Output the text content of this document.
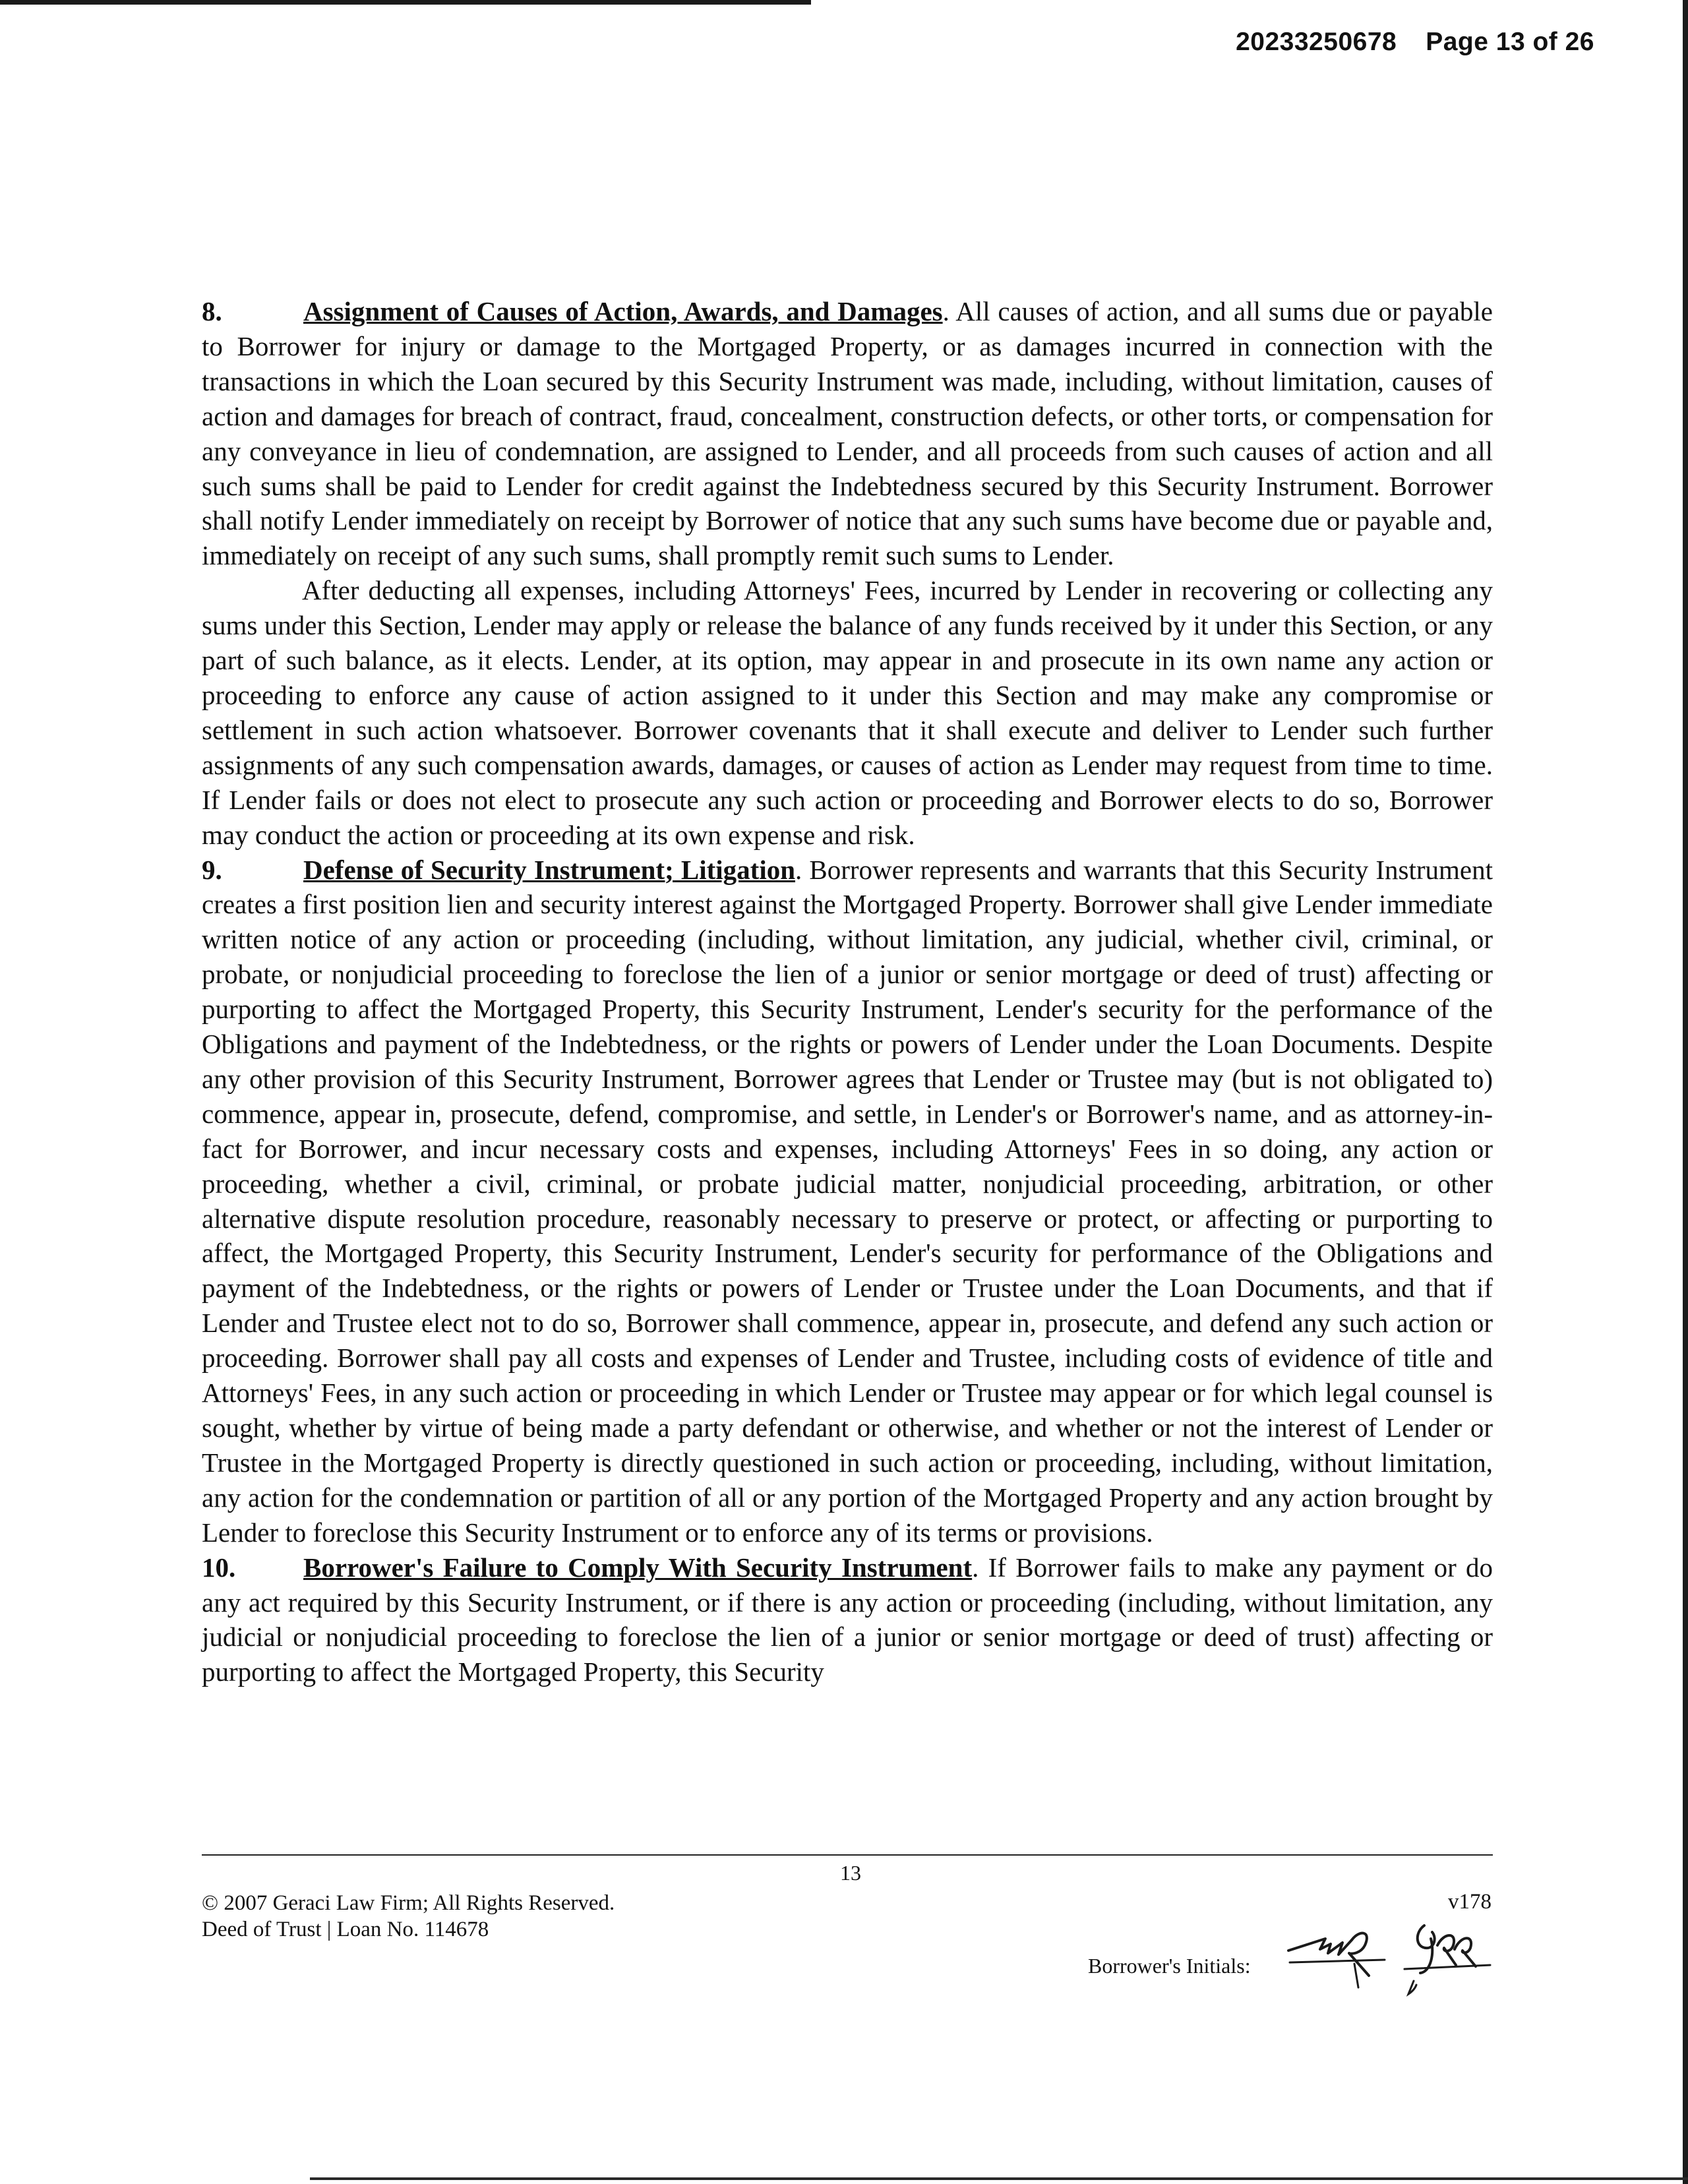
20233250678 Page 13 of 26

8.	Assignment of Causes of Action, Awards, and Damages. All causes of action, and all sums due or payable to Borrower for injury or damage to the Mortgaged Property, or as damages incurred in connection with the transactions in which the Loan secured by this Security Instrument was made, including, without limitation, causes of action and damages for breach of contract, fraud, concealment, construction defects, or other torts, or compensation for any conveyance in lieu of condemnation, are assigned to Lender, and all proceeds from such causes of action and all such sums shall be paid to Lender for credit against the Indebtedness secured by this Security Instrument. Borrower shall notify Lender immediately on receipt by Borrower of notice that any such sums have become due or payable and, immediately on receipt of any such sums, shall promptly remit such sums to Lender.

After deducting all expenses, including Attorneys' Fees, incurred by Lender in recovering or collecting any sums under this Section, Lender may apply or release the balance of any funds received by it under this Section, or any part of such balance, as it elects. Lender, at its option, may appear in and prosecute in its own name any action or proceeding to enforce any cause of action assigned to it under this Section and may make any compromise or settlement in such action whatsoever. Borrower covenants that it shall execute and deliver to Lender such further assignments of any such compensation awards, damages, or causes of action as Lender may request from time to time. If Lender fails or does not elect to prosecute any such action or proceeding and Borrower elects to do so, Borrower may conduct the action or proceeding at its own expense and risk.

9.	Defense of Security Instrument; Litigation. Borrower represents and warrants that this Security Instrument creates a first position lien and security interest against the Mortgaged Property. Borrower shall give Lender immediate written notice of any action or proceeding (including, without limitation, any judicial, whether civil, criminal, or probate, or nonjudicial proceeding to foreclose the lien of a junior or senior mortgage or deed of trust) affecting or purporting to affect the Mortgaged Property, this Security Instrument, Lender's security for the performance of the Obligations and payment of the Indebtedness, or the rights or powers of Lender under the Loan Documents. Despite any other provision of this Security Instrument, Borrower agrees that Lender or Trustee may (but is not obligated to) commence, appear in, prosecute, defend, compromise, and settle, in Lender's or Borrower's name, and as attorney-in-fact for Borrower, and incur necessary costs and expenses, including Attorneys' Fees in so doing, any action or proceeding, whether a civil, criminal, or probate judicial matter, nonjudicial proceeding, arbitration, or other alternative dispute resolution procedure, reasonably necessary to preserve or protect, or affecting or purporting to affect, the Mortgaged Property, this Security Instrument, Lender's security for performance of the Obligations and payment of the Indebtedness, or the rights or powers of Lender or Trustee under the Loan Documents, and that if Lender and Trustee elect not to do so, Borrower shall commence, appear in, prosecute, and defend any such action or proceeding. Borrower shall pay all costs and expenses of Lender and Trustee, including costs of evidence of title and Attorneys' Fees, in any such action or proceeding in which Lender or Trustee may appear or for which legal counsel is sought, whether by virtue of being made a party defendant or otherwise, and whether or not the interest of Lender or Trustee in the Mortgaged Property is directly questioned in such action or proceeding, including, without limitation, any action for the condemnation or partition of all or any portion of the Mortgaged Property and any action brought by Lender to foreclose this Security Instrument or to enforce any of its terms or provisions.

10.	Borrower's Failure to Comply With Security Instrument. If Borrower fails to make any payment or do any act required by this Security Instrument, or if there is any action or proceeding (including, without limitation, any judicial or nonjudicial proceeding to foreclose the lien of a junior or senior mortgage or deed of trust) affecting or purporting to affect the Mortgaged Property, this Security

13
© 2007 Geraci Law Firm; All Rights Reserved.
Deed of Trust | Loan No. 114678
v178
Borrower's Initials:
